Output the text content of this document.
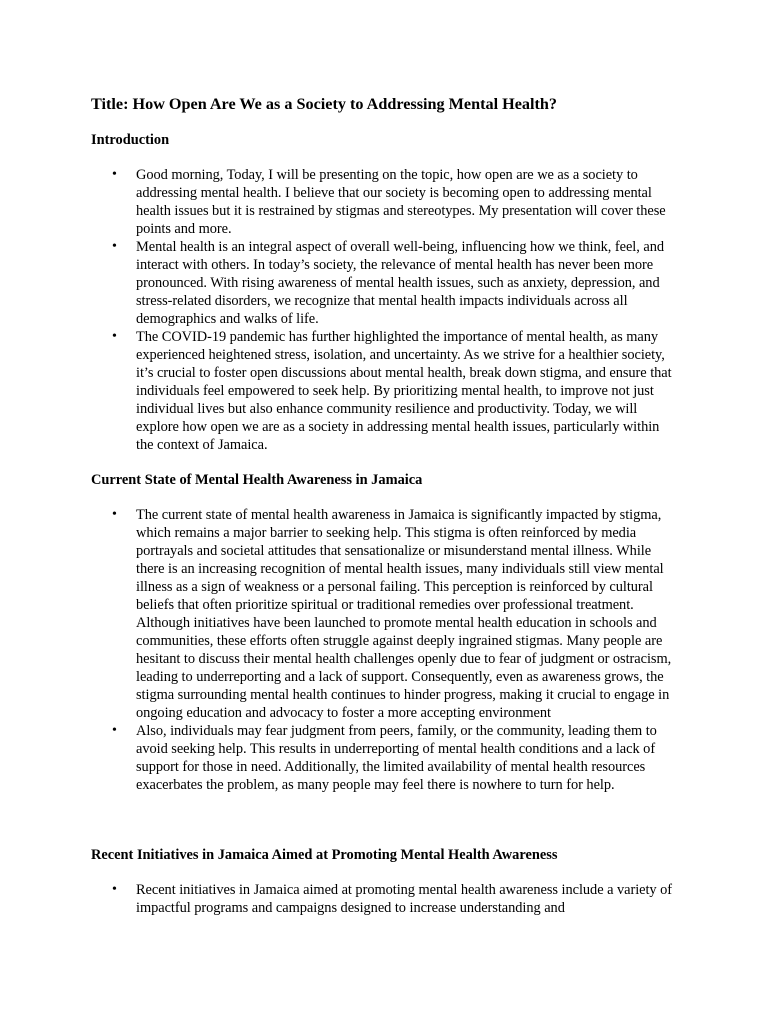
Title: How Open Are We as a Society to Addressing Mental Health?
Introduction
• Good morning, Today, I will be presenting on the topic, how open are we as a society to addressing mental health. I believe that our society is becoming open to addressing mental health issues but it is restrained by stigmas and stereotypes. My presentation will cover these points and more.
• Mental health is an integral aspect of overall well-being, influencing how we think, feel, and interact with others. In today’s society, the relevance of mental health has never been more pronounced. With rising awareness of mental health issues, such as anxiety, depression, and stress-related disorders, we recognize that mental health impacts individuals across all demographics and walks of life.
• The COVID-19 pandemic has further highlighted the importance of mental health, as many experienced heightened stress, isolation, and uncertainty. As we strive for a healthier society, it’s crucial to foster open discussions about mental health, break down stigma, and ensure that individuals feel empowered to seek help. By prioritizing mental health, to improve not just individual lives but also enhance community resilience and productivity. Today, we will explore how open we are as a society in addressing mental health issues, particularly within the context of Jamaica.
Current State of Mental Health Awareness in Jamaica
• The current state of mental health awareness in Jamaica is significantly impacted by stigma, which remains a major barrier to seeking help. This stigma is often reinforced by media portrayals and societal attitudes that sensationalize or misunderstand mental illness. While there is an increasing recognition of mental health issues, many individuals still view mental illness as a sign of weakness or a personal failing. This perception is reinforced by cultural beliefs that often prioritize spiritual or traditional remedies over professional treatment. Although initiatives have been launched to promote mental health education in schools and communities, these efforts often struggle against deeply ingrained stigmas. Many people are hesitant to discuss their mental health challenges openly due to fear of judgment or ostracism, leading to underreporting and a lack of support. Consequently, even as awareness grows, the stigma surrounding mental health continues to hinder progress, making it crucial to engage in ongoing education and advocacy to foster a more accepting environment
• Also, individuals may fear judgment from peers, family, or the community, leading them to avoid seeking help. This results in underreporting of mental health conditions and a lack of support for those in need. Additionally, the limited availability of mental health resources exacerbates the problem, as many people may feel there is nowhere to turn for help.
Recent Initiatives in Jamaica Aimed at Promoting Mental Health Awareness
• Recent initiatives in Jamaica aimed at promoting mental health awareness include a variety of impactful programs and campaigns designed to increase understanding and
